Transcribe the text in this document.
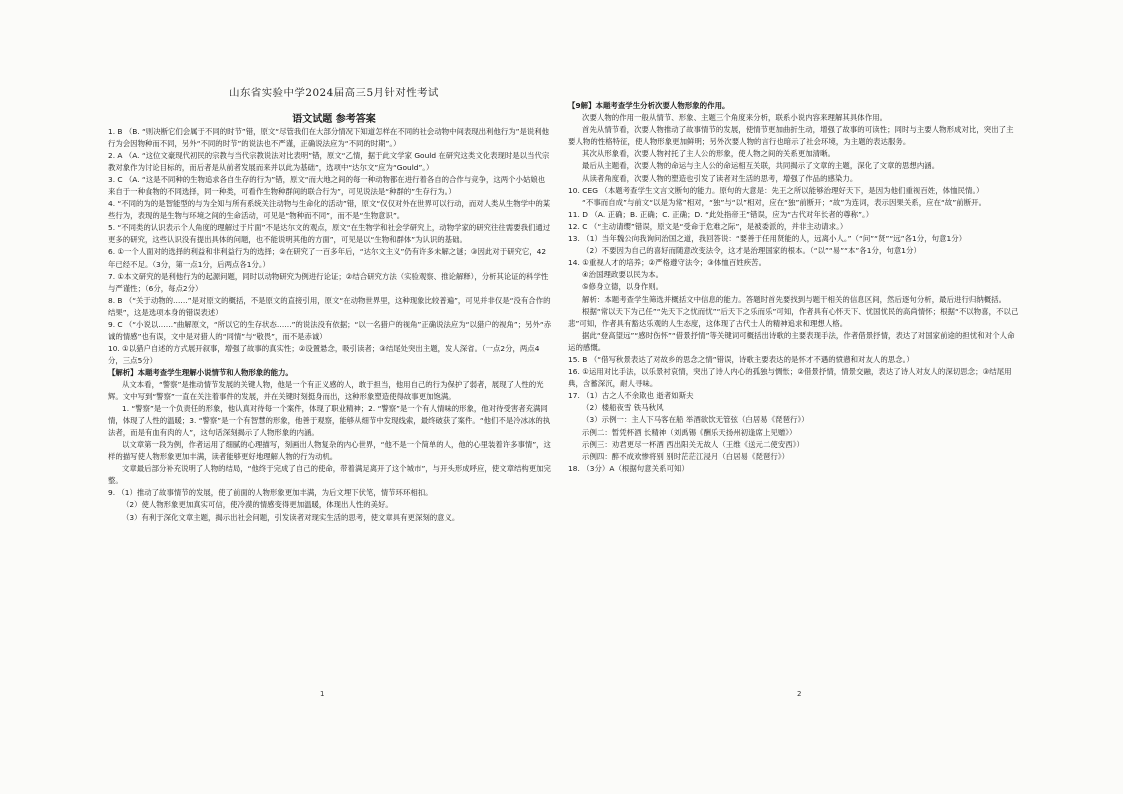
山东省实验中学2024届高三5月针对性考试
语文试题 参考答案

1. B （B. “则决断它们会属于不同的时节”错，原文“尽管我们在大部分情况下知道怎样在不同的社会动物中间表现出利他行为”是说利他行为会因物种而不同，另外“不同的时节”的说法也不严谨，正确说法应为“不同的时期”。）

2. A （A. “这位文豪现代初民的宗教与当代宗教说法对比表明”错，原文“乙情，据于此文学家 Gould 在研究这类文化表现时是以当代宗教对象作为讨论目标的，而后者是从前者发展而来并以此为基础”，选项中“达尔文”应为“Gould”。）

3. C （A. “这是不同种的生物追求各自生存的行为”错，原文“而大地之间的每一种动物都在进行着各自的合作与竞争，这两个小姑娘也来自于一种食物的不同选择，同一种类，可看作生物种群间的联合行为”，可见说法是“种群的”生存行为。）

4. “不同的为的是智能型的与为全知与所有系统关注动物与生命化的活动”错，原文“仅仅对外在世界可以行动，而对人类从生物学中的某些行为，表现的是生物与环境之间的生命活动，可见是“物种而不同”，而不是“生物意识”。

5. “不同类的认识表示个人角度的理解过于片面”不是达尔文的观点，原文“在生物学和社会学研究上，动物学家的研究往往需要我们通过更多的研究，这些认识没有提出具体的问题，也不能说明其他的方面”，可见是以“生物和群体”为认识的基础。

6. ①一个人面对的选择的利益和非利益行为的选择；②在研究了一百多年后，“达尔文主义”仍有许多未解之谜；③因此对于研究它，42 年已经不足。（3分，第一点1分，后两点各1分。）

7. ①本文研究的是利他行为的起源问题，同时以动物研究为例进行论证；②结合研究方法（实验观察、推论解释），分析其论证的科学性与严谨性；（6分，每点2分）

8. B （“关于动物的……”是对原文的概括，不是原文的直接引用，原文“在动物世界里，这种现象比较普遍”，可见并非仅是“没有合作的结果”，这是选项本身的错误表述）

9. C （“小说以……”曲解原文，“所以它的生存状态……”的说法没有依据；“以一名猎户的视角”正确说法应为“以猎户的视角”；另外“赤诚的情感”也有误，文中是对猎人的“同情”与“敬畏”，而不是赤诚）

10. ①以猎户自述的方式展开叙事，增强了故事的真实性；②设置悬念，吸引读者；③结尾处突出主题，发人深省。（一点2分，两点4分，三点5分）

【解析】本题考查学生理解小说情节和人物形象的能力。

从文本看，“警察”是推动情节发展的关键人物，他是一个有正义感的人，敢于担当，他用自己的行为保护了弱者，展现了人性的光辉。文中写到“警察”一直在关注着事件的发展，并在关键时刻挺身而出，这种形象塑造使得故事更加饱满。

1. “警察”是一个负责任的形象，他认真对待每一个案件，体现了职业精神；2. “警察”是一个有人情味的形象，他对待受害者充满同情，体现了人性的温暖；3. “警察”是一个有智慧的形象，他善于观察，能够从细节中发现线索，最终破获了案件。“他们不是冷冰冰的执法者，而是有血有肉的人”，这句话深刻揭示了人物形象的内涵。

以文章第一段为例，作者运用了细腻的心理描写，刻画出人物复杂的内心世界，“他不是一个简单的人，他的心里装着许多事情”，这样的描写使人物形象更加丰满，读者能够更好地理解人物的行为动机。

文章最后部分补充说明了人物的结局，“他终于完成了自己的使命，带着满足离开了这个城市”，与开头形成呼应，使文章结构更加完整。

9. （1）推动了故事情节的发展，使了前面的人物形象更加丰满，为后文埋下伏笔，情节环环相扣。

（2）使人物形象更加真实可信，使冷漠的情感变得更加温暖，体现出人性的美好。

（3）有利于深化文章主题，揭示出社会问题，引发读者对现实生活的思考，使文章具有更深刻的意义。

【9解】本题考查学生分析次要人物形象的作用。

次要人物的作用一般从情节、形象、主题三个角度来分析，联系小说内容来理解其具体作用。

首先从情节看，次要人物推动了故事情节的发展，使情节更加曲折生动，增强了故事的可读性；同时与主要人物形成对比，突出了主要人物的性格特征，使人物形象更加鲜明；另外次要人物的言行也暗示了社会环境，为主题的表达服务。

其次从形象看，次要人物衬托了主人公的形象，使人物之间的关系更加清晰。

最后从主题看，次要人物的命运与主人公的命运相互关联，共同揭示了文章的主题，深化了文章的思想内涵。

从读者角度看，次要人物的塑造也引发了读者对生活的思考，增强了作品的感染力。

10. CEG （本题考查学生文言文断句的能力。原句的大意是：先王之所以能够治理好天下，是因为他们重视百姓，体恤民情。）

“不事而自成”与前文“以是为常”相对，“独”与“以”相对，应在“独”前断开；“故”为连词，表示因果关系，应在“故”前断开。

11. D （A. 正确；B. 正确；C. 正确；D. “此处指帝王”错误，应为“古代对年长者的尊称”。）

12. C （“主动请缨”错误，原文是“受命于危难之际”，是被委派的，并非主动请求。）

13. （1）当年魏公向我询问治国之道，我回答说：“要善于任用贤能的人，远离小人。”（“问”“贤”“远”各1分，句意1分）

（2）不要因为自己的喜好而随意改变法令，这才是治理国家的根本。（“以”“易”“本”各1分，句意1分）

14. ①重视人才的培养；②严格遵守法令；③体恤百姓疾苦。

④治国理政要以民为本。

⑤修身立德，以身作则。

解析：本题考查学生筛选并概括文中信息的能力。答题时首先要找到与题干相关的信息区间，然后逐句分析，最后进行归纳概括。

根据“常以天下为己任”“先天下之忧而忧”“后天下之乐而乐”可知，作者具有心怀天下、忧国忧民的高尚情怀；根据“不以物喜，不以己悲”可知，作者具有豁达乐观的人生态度，这体现了古代士人的精神追求和理想人格。

据此“登高望远”“感时伤怀”“借景抒情”等关键词可概括出诗歌的主要表现手法，作者借景抒情，表达了对国家前途的担忧和对个人命运的感慨。

15. B （“借写秋景表达了对故乡的思念之情”错误，诗歌主要表达的是怀才不遇的愤懑和对友人的思念。）

16. ①运用对比手法，以乐景衬哀情，突出了诗人内心的孤独与惆怅；②借景抒情，情景交融，表达了诗人对友人的深切思念；③结尾用典，含蓄深沉，耐人寻味。

17. （1）古之人不余欺也 逝者如斯夫

（2）楼船夜雪 铁马秋风

（3）示例一：主人下马客在船 举酒欲饮无管弦（白居易《琵琶行》）

示例二：暂凭杯酒 长精神（刘禹锡《酬乐天扬州初逢席上见赠》）

示例三：劝君更尽一杯酒 西出阳关无故人（王维《送元二使安西》）

示例四：醉不成欢惨将别 别时茫茫江浸月（白居易《琵琶行》）

18. （3分）A（根据句意关系可知）

1	2
